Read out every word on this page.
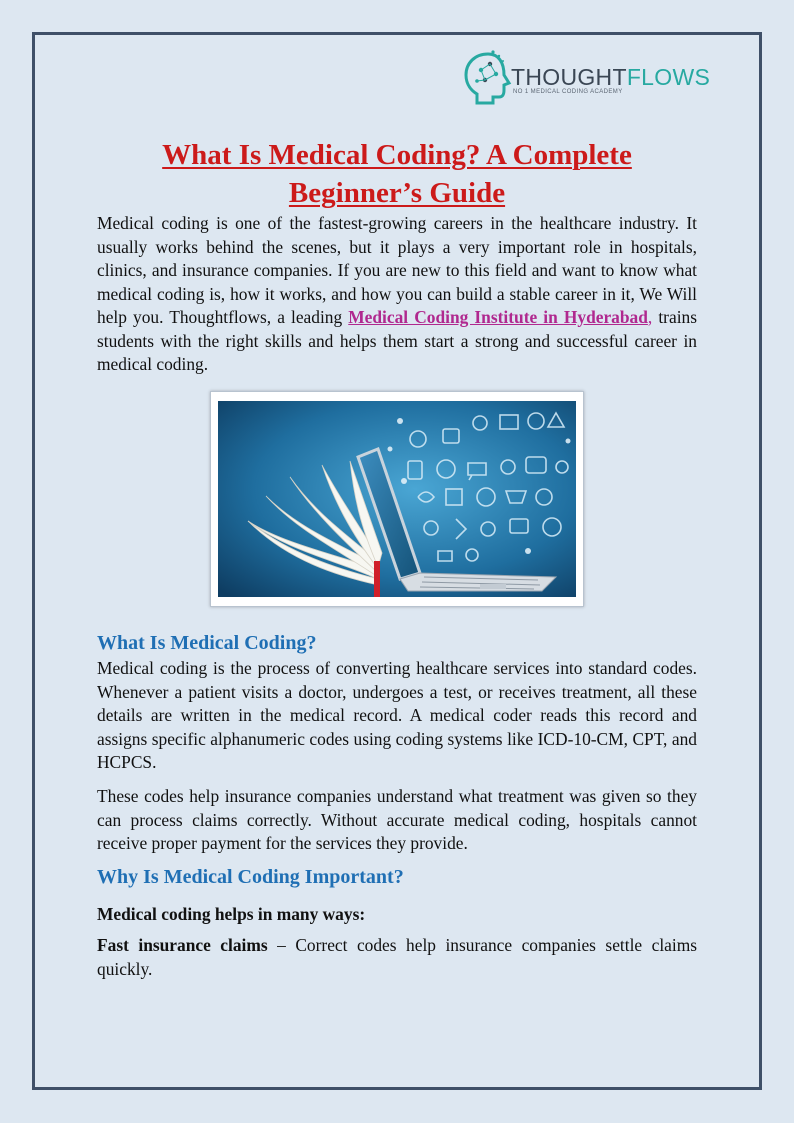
THOUGHTFLOWS
NO 1 MEDICAL CODING ACADEMY
What Is Medical Coding? A Complete Beginner’s Guide

Medical coding is one of the fastest-growing careers in the healthcare industry. It usually works behind the scenes, but it plays a very important role in hospitals, clinics, and insurance companies. If you are new to this field and want to know what medical coding is, how it works, and how you can build a stable career in it, We Will help you. Thoughtflows, a leading Medical Coding Institute in Hyderabad, trains students with the right skills and helps them start a strong and successful career in medical coding.

What Is Medical Coding?

Medical coding is the process of converting healthcare services into standard codes. Whenever a patient visits a doctor, undergoes a test, or receives treatment, all these details are written in the medical record. A medical coder reads this record and assigns specific alphanumeric codes using coding systems like ICD-10-CM, CPT, and HCPCS.

These codes help insurance companies understand what treatment was given so they can process claims correctly. Without accurate medical coding, hospitals cannot receive proper payment for the services they provide.

Why Is Medical Coding Important?

Medical coding helps in many ways:

Fast insurance claims – Correct codes help insurance companies settle claims quickly.
